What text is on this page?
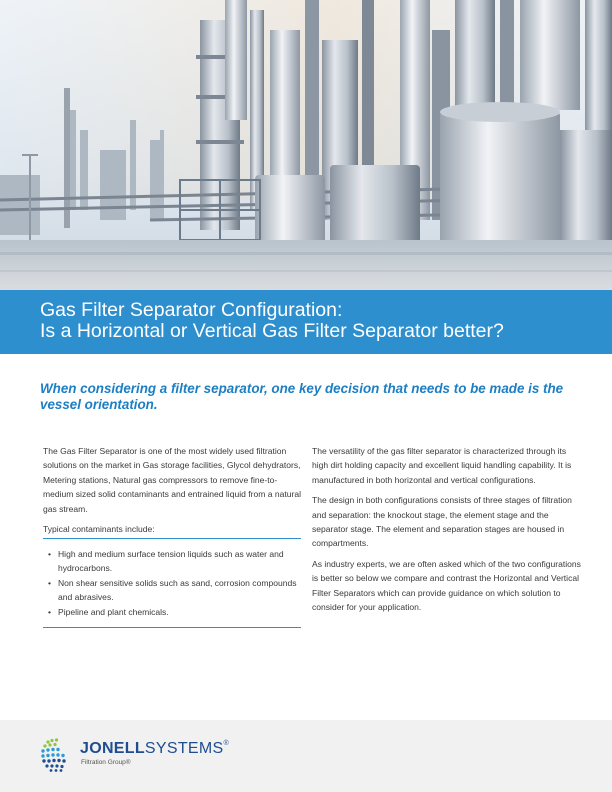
Gas Filter Separator Configuration:
Is a Horizontal or Vertical Gas Filter Separator better?
When considering a filter separator, one key decision that needs to be made is the vessel orientation.

The Gas Filter Separator is one of the most widely used filtration solutions on the market in Gas storage facilities, Glycol dehydrators, Metering stations, Natural gas compressors to remove fine-to-medium sized solid contaminants and entrained liquid from a natural gas stream.

Typical contaminants include:

• High and medium surface tension liquids such as water and hydrocarbons.
• Non shear sensitive solids such as sand, corrosion compounds and abrasives.
• Pipeline and plant chemicals.

The versatility of the gas filter separator is characterized through its high dirt holding capacity and excellent liquid handling capability. It is manufactured in both horizontal and vertical configurations.

The design in both configurations consists of three stages of filtration and separation: the knockout stage, the element stage and the separator stage. The element and separation stages are housed in compartments.

As industry experts, we are often asked which of the two configurations is better so below we compare and contrast the Horizontal and Vertical Filter Separators which can provide guidance on which solution to consider for your application.

JONELLSYSTEMS®
Filtration Group®
